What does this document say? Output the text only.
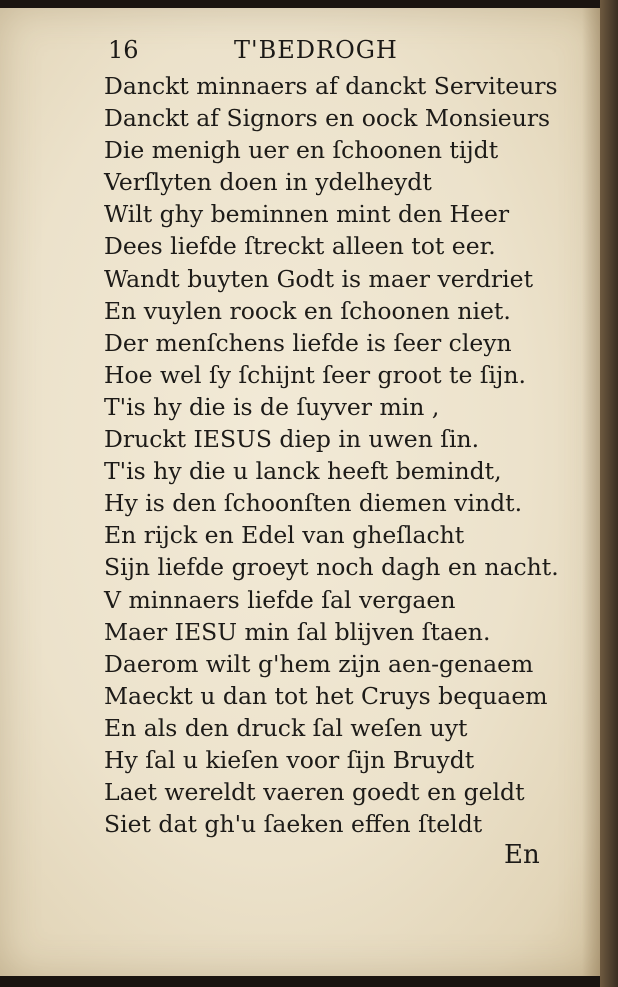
16	T'BEDROGH
Danckt minnaers af danckt Serviteurs
Danckt af Signors en oock Monsieurs
Die menigh uer en ſchoonen tijdt
Verſlyten doen in ydelheydt
Wilt ghy beminnen mint den Heer
Dees liefde ſtreckt alleen tot eer.
Wandt buyten Godt is maer verdriet
En vuylen roock en ſchoonen niet.
Der menſchens liefde is ſeer cleyn
Hoe wel ſy ſchijnt ſeer groot te ſijn.
T'is hy die is de ſuyver min ,
Druckt IESUS diep in uwen ſin.
T'is hy die u lanck heeft bemindt,
Hy is den ſchoonſten diemen vindt.
En rijck en Edel van gheſlacht
Sijn liefde groeyt noch dagh en nacht.
V minnaers liefde ſal vergaen
Maer IESU min ſal blijven ſtaen.
Daerom wilt g'hem zijn aen-genaem
Maeckt u dan tot het Cruys bequaem
En als den druck ſal weſen uyt
Hy ſal u kieſen voor ſijn Bruydt
Laet wereldt vaeren goedt en geldt
Siet dat gh'u ſaeken effen ſteldt
En
